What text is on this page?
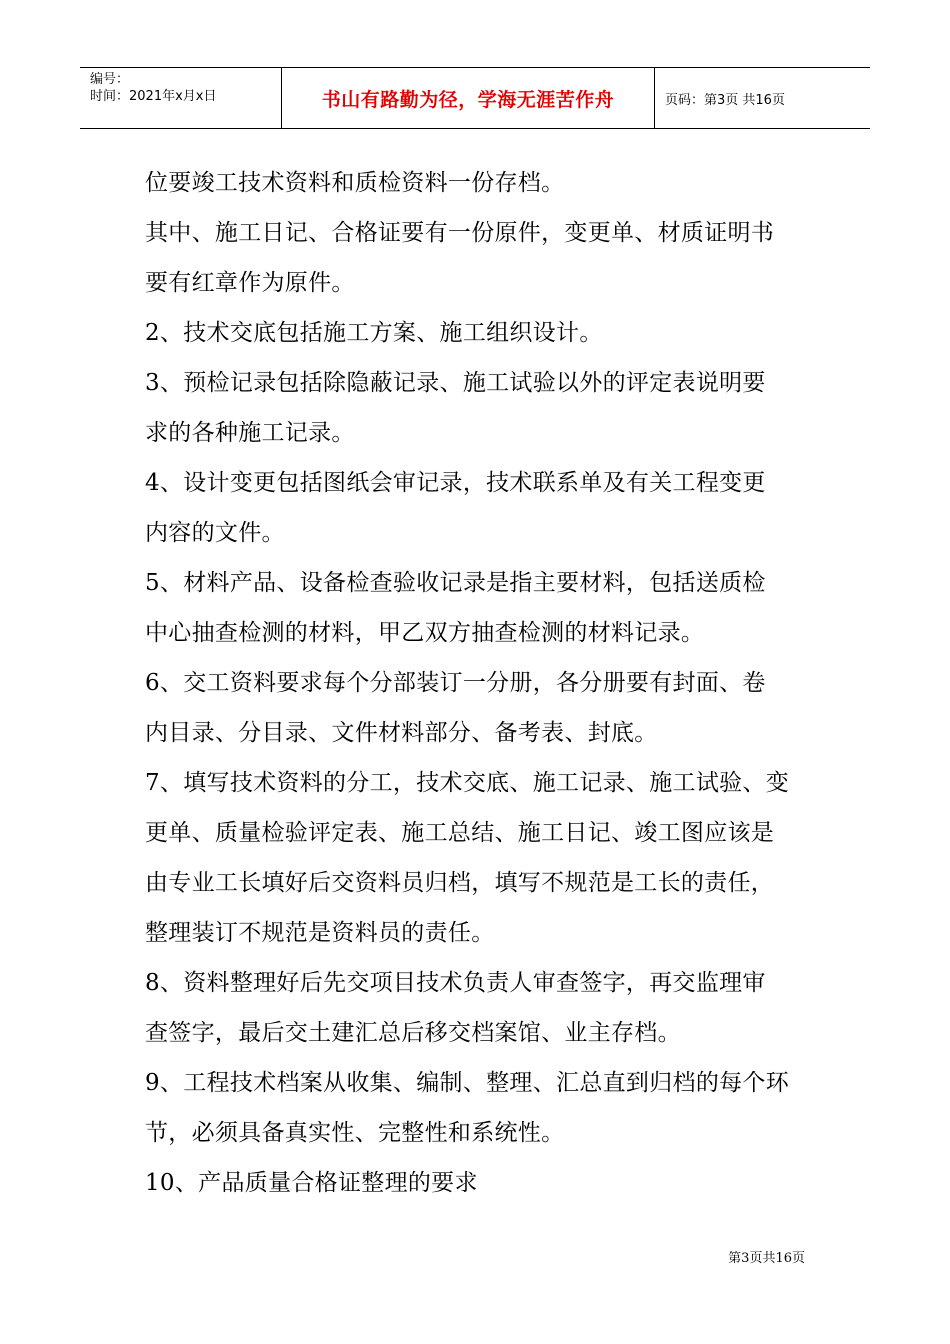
编号：
时间：2021年x月x日	书山有路勤为径，学海无涯苦作舟	页码：第3页 共16页
位要竣工技术资料和质检资料一份存档。
其中、施工日记、合格证要有一份原件，变更单、材质证明书
要有红章作为原件。
2、技术交底包括施工方案、施工组织设计。
3、预检记录包括除隐蔽记录、施工试验以外的评定表说明要
求的各种施工记录。
4、设计变更包括图纸会审记录，技术联系单及有关工程变更
内容的文件。
5、材料产品、设备检查验收记录是指主要材料，包括送质检
中心抽查检测的材料，甲乙双方抽查检测的材料记录。
6、交工资料要求每个分部装订一分册，各分册要有封面、卷
内目录、分目录、文件材料部分、备考表、封底。
7、填写技术资料的分工，技术交底、施工记录、施工试验、变
更单、质量检验评定表、施工总结、施工日记、竣工图应该是
由专业工长填好后交资料员归档，填写不规范是工长的责任，
整理装订不规范是资料员的责任。
8、资料整理好后先交项目技术负责人审查签字，再交监理审
查签字，最后交土建汇总后移交档案馆、业主存档。
9、工程技术档案从收集、编制、整理、汇总直到归档的每个环
节，必须具备真实性、完整性和系统性。
10、产品质量合格证整理的要求
第3页共16页
